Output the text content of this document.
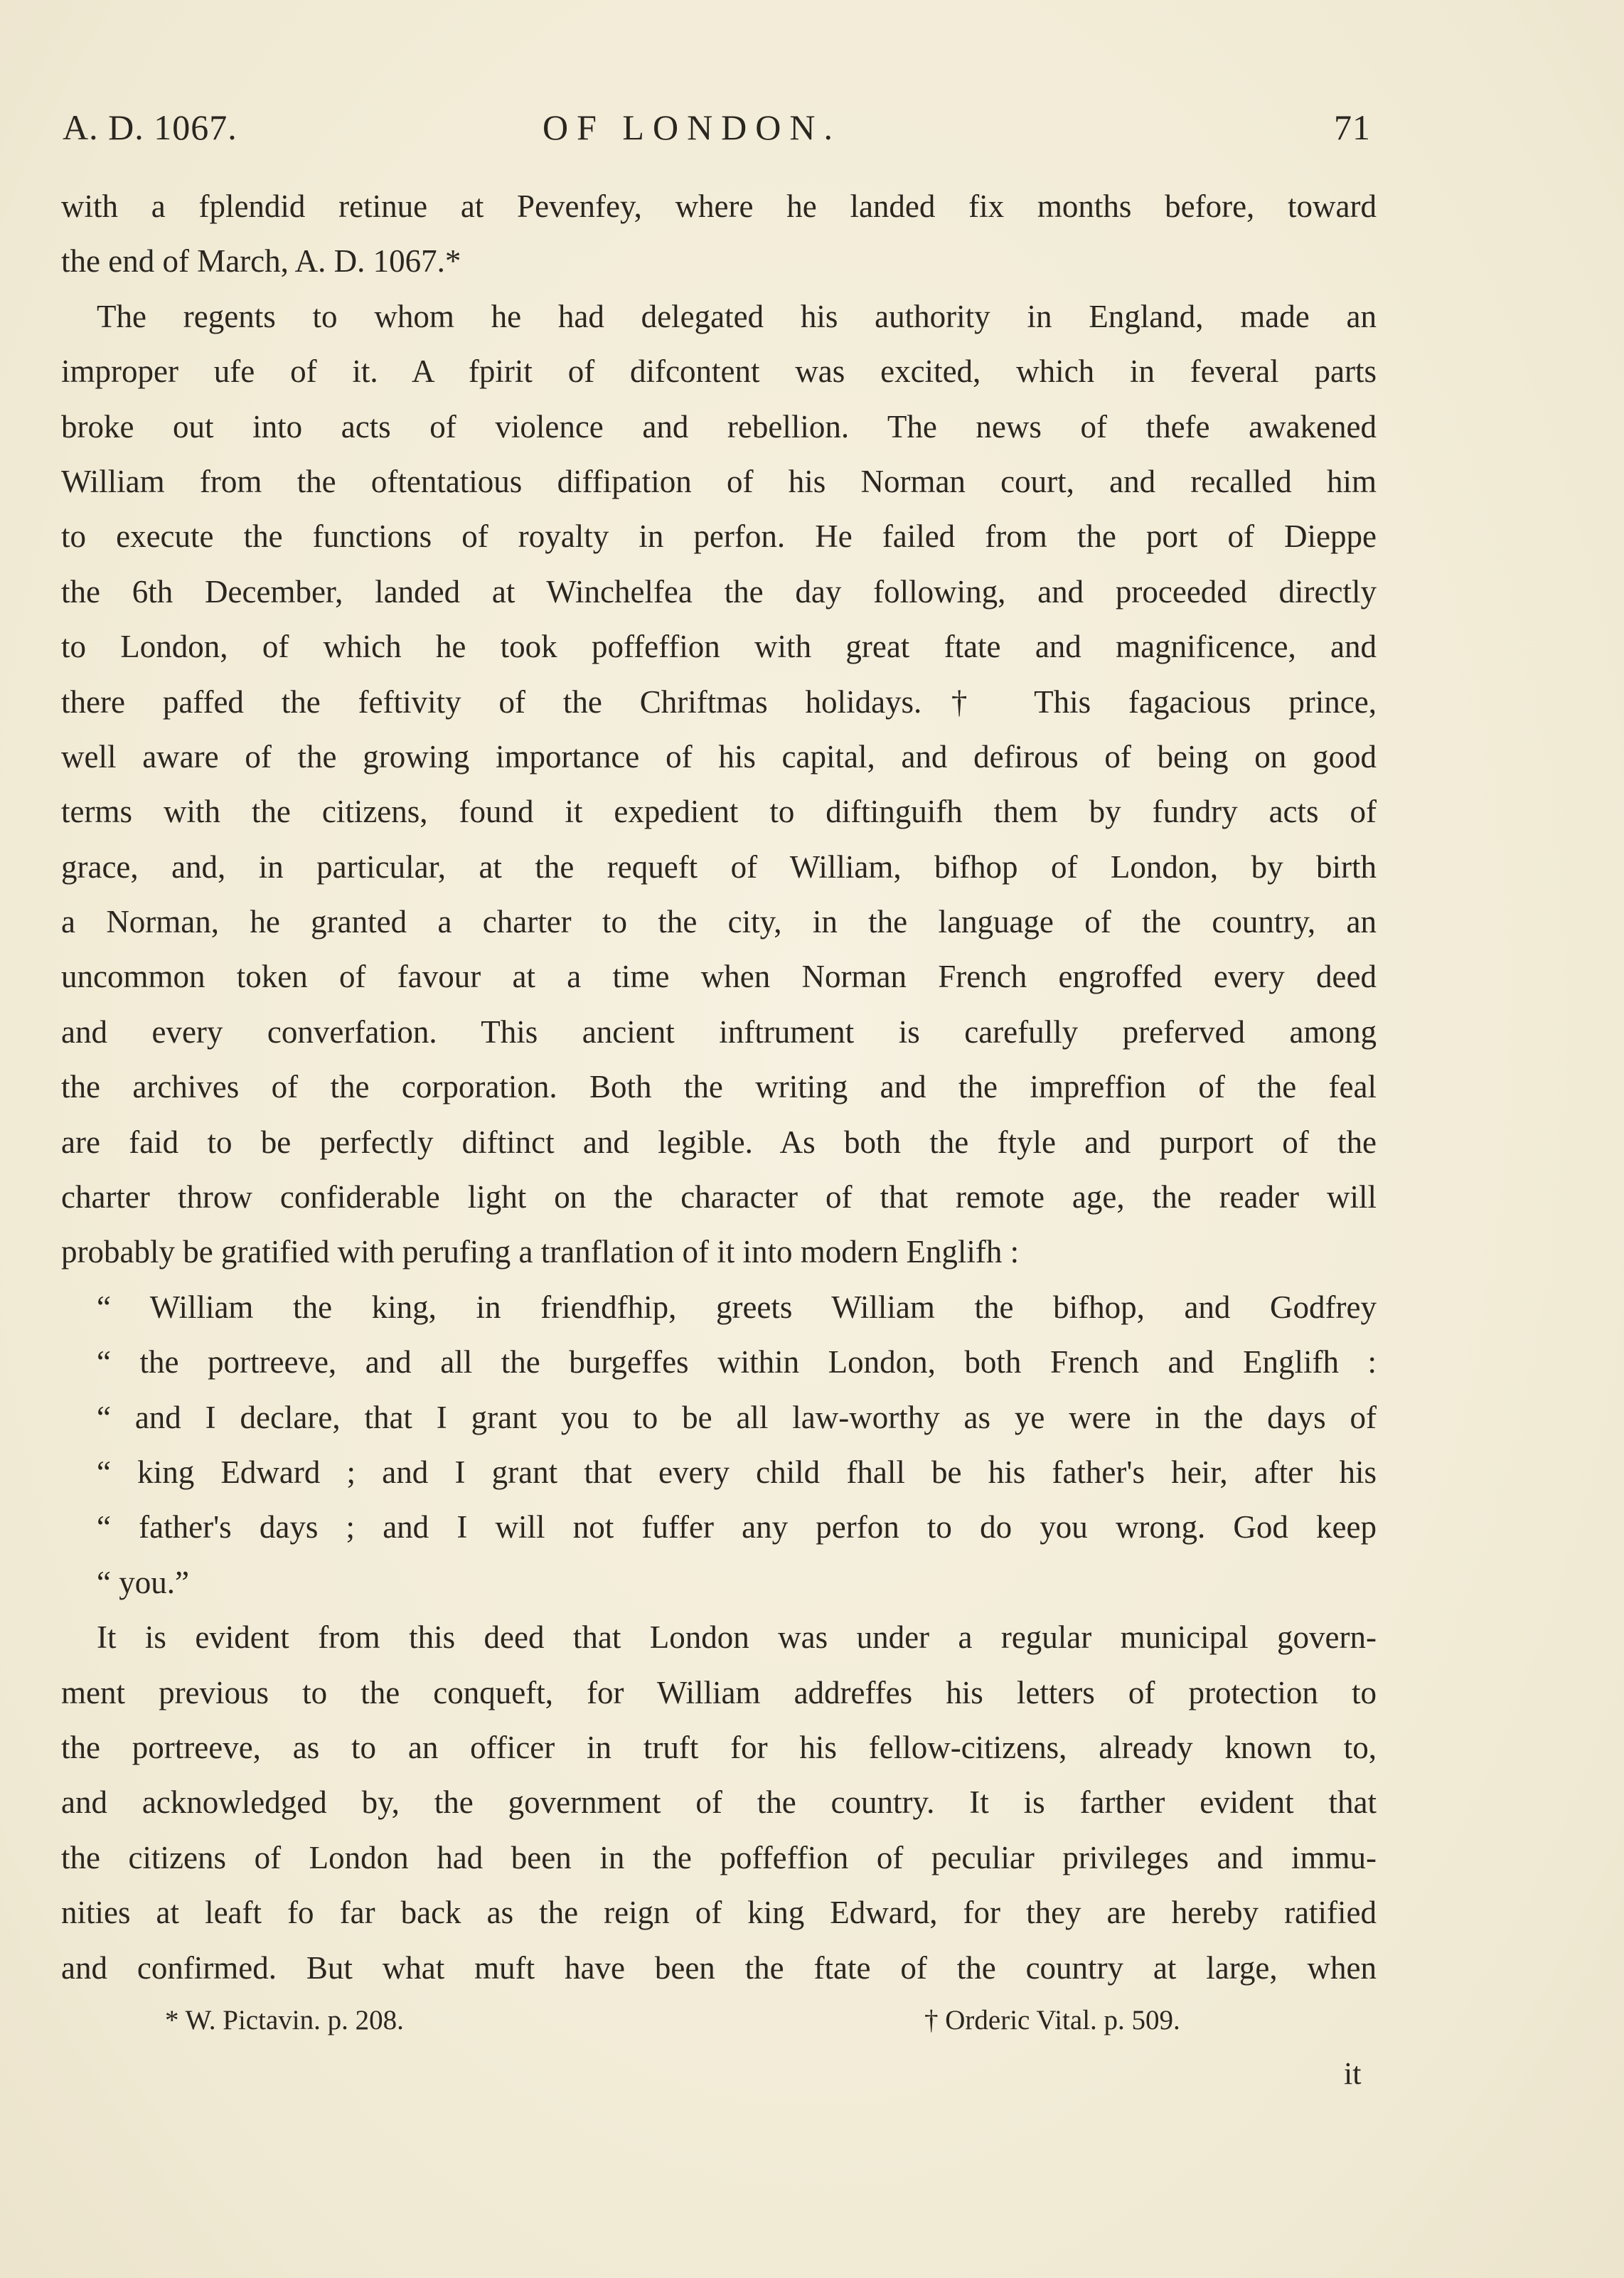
A. D. 1067.	OF LONDON.	71
with a fplendid retinue at Pevenfey, where he landed fix months before, toward
the end of March, A. D. 1067.*
The regents to whom he had delegated his authority in England, made an
improper ufe of it. A fpirit of difcontent was excited, which in feveral parts
broke out into acts of violence and rebellion. The news of thefe awakened
William from the oftentatious diffipation of his Norman court, and recalled him
to execute the functions of royalty in perfon. He failed from the port of Dieppe
the 6th December, landed at Winchelfea the day following, and proceeded directly
to London, of which he took poffeffion with great ftate and magnificence, and
there paffed the feftivity of the Chriftmas holidays.† This fagacious prince,
well aware of the growing importance of his capital, and defirous of being on good
terms with the citizens, found it expedient to diftinguifh them by fundry acts of
grace, and, in particular, at the requeft of William, bifhop of London, by birth
a Norman, he granted a charter to the city, in the language of the country, an
uncommon token of favour at a time when Norman French engroffed every deed
and every converfation. This ancient inftrument is carefully preferved among
the archives of the corporation. Both the writing and the impreffion of the feal
are faid to be perfectly diftinct and legible. As both the ftyle and purport of the
charter throw confiderable light on the character of that remote age, the reader will
probably be gratified with perufing a tranflation of it into modern Englifh :
“ William the king, in friendfhip, greets William the bifhop, and Godfrey
“ the portreeve, and all the burgeffes within London, both French and Englifh :
“ and I declare, that I grant you to be all law-worthy as ye were in the days of
“ king Edward ; and I grant that every child fhall be his father's heir, after his
“ father's days ; and I will not fuffer any perfon to do you wrong. God keep
“ you.”
It is evident from this deed that London was under a regular municipal govern-
ment previous to the conqueft, for William addreffes his letters of protection to
the portreeve, as to an officer in truft for his fellow-citizens, already known to,
and acknowledged by, the government of the country. It is farther evident that
the citizens of London had been in the poffeffion of peculiar privileges and immu-
nities at leaft fo far back as the reign of king Edward, for they are hereby ratified
and confirmed. But what muft have been the ftate of the country at large, when
* W. Pictavin. p. 208.	† Orderic Vital. p. 509.
it
